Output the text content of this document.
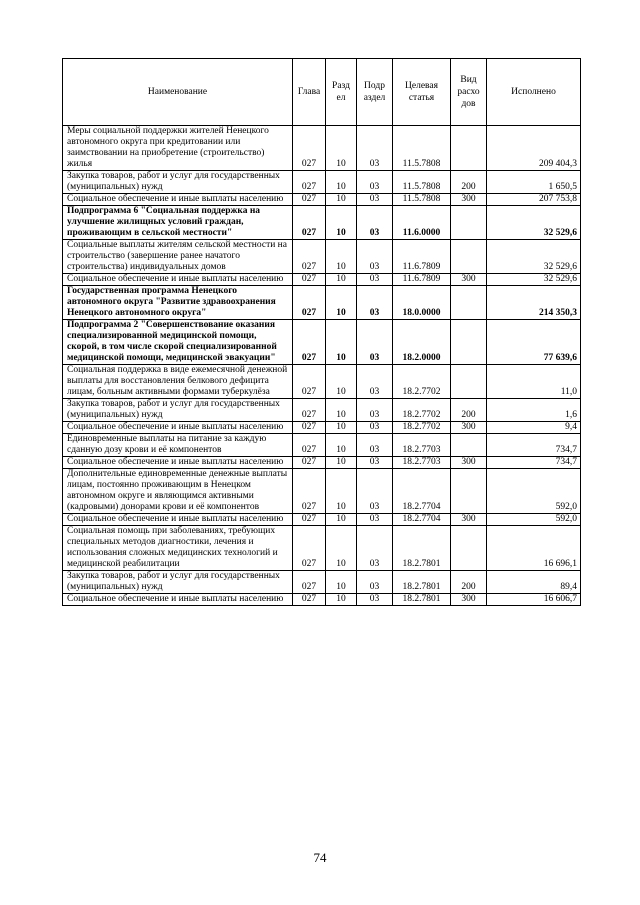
Наименование	Глава	Разд ел	Подр аздел	Целевая статья	Вид расхо дов	Исполнено
Меры социальной поддержки жителей Ненецкого автономного округа при кредитовании или заимствовании на приобретение (строительство) жилья	027	10	03	11.5.7808		209 404,3
Закупка товаров, работ и услуг для государственных (муниципальных) нужд	027	10	03	11.5.7808	200	1 650,5
Социальное обеспечение и иные выплаты населению	027	10	03	11.5.7808	300	207 753,8
Подпрограмма 6 "Социальная поддержка на улучшение жилищных условий граждан, проживающим в сельской местности"	027	10	03	11.6.0000		32 529,6
Социальные выплаты жителям сельской местности на строительство (завершение ранее начатого строительства) индивидуальных домов	027	10	03	11.6.7809		32 529,6
Социальное обеспечение и иные выплаты населению	027	10	03	11.6.7809	300	32 529,6
Государственная программа Ненецкого автономного округа "Развитие здравоохранения Ненецкого автономного округа"	027	10	03	18.0.0000		214 350,3
Подпрограмма 2 "Совершенствование оказания специализированной медицинской помощи, скорой, в том числе скорой специализированной медицинской помощи, медицинской эвакуации"	027	10	03	18.2.0000		77 639,6
Социальная поддержка в виде ежемесячной денежной выплаты для восстановления белкового дефицита лицам, больным активными формами туберкулёза	027	10	03	18.2.7702		11,0
Закупка товаров, работ и услуг для государственных (муниципальных) нужд	027	10	03	18.2.7702	200	1,6
Социальное обеспечение и иные выплаты населению	027	10	03	18.2.7702	300	9,4
Единовременные выплаты на питание за каждую сданную дозу крови и её компонентов	027	10	03	18.2.7703		734,7
Социальное обеспечение и иные выплаты населению	027	10	03	18.2.7703	300	734,7
Дополнительные единовременные денежные выплаты лицам, постоянно проживающим в Ненецком автономном округе и являющимся активными (кадровыми) донорами крови и её компонентов	027	10	03	18.2.7704		592,0
Социальное обеспечение и иные выплаты населению	027	10	03	18.2.7704	300	592,0
Социальная помощь при заболеваниях, требующих специальных методов диагностики, лечения и использования сложных медицинских технологий и медицинской реабилитации	027	10	03	18.2.7801		16 696,1
Закупка товаров, работ и услуг для государственных (муниципальных) нужд	027	10	03	18.2.7801	200	89,4
Социальное обеспечение и иные выплаты населению	027	10	03	18.2.7801	300	16 606,7
74
